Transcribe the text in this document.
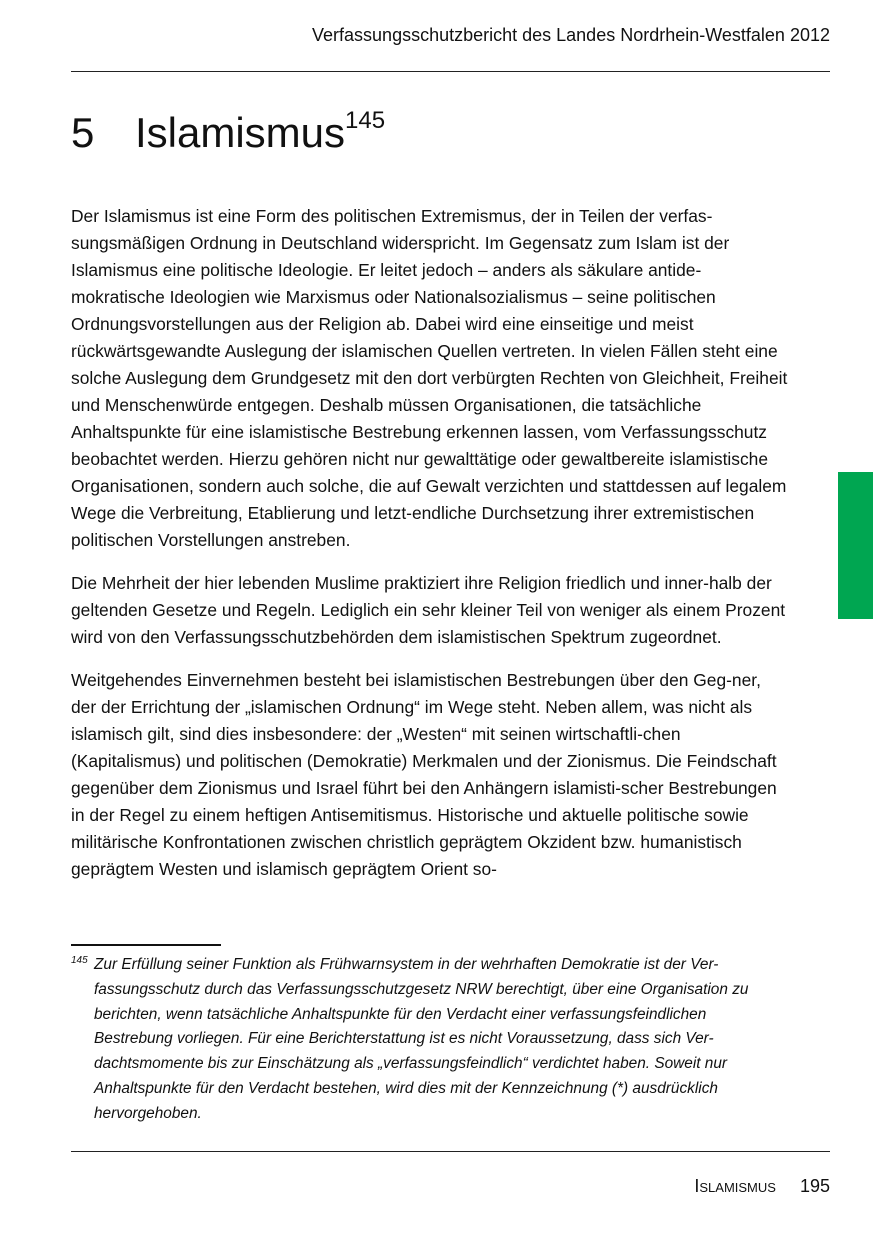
Verfassungsschutzbericht des Landes Nordrhein-Westfalen 2012
5 Islamismus$^{145}$

Der Islamismus ist eine Form des politischen Extremismus, der in Teilen der verfas-sungsmäßigen Ordnung in Deutschland widerspricht. Im Gegensatz zum Islam ist der Islamismus eine politische Ideologie. Er leitet jedoch – anders als säkulare antide-mokratische Ideologien wie Marxismus oder Nationalsozialismus – seine politischen Ordnungsvorstellungen aus der Religion ab. Dabei wird eine einseitige und meist rückwärtsgewandte Auslegung der islamischen Quellen vertreten. In vielen Fällen steht eine solche Auslegung dem Grundgesetz mit den dort verbürgten Rechten von Gleichheit, Freiheit und Menschenwürde entgegen. Deshalb müssen Organisationen, die tatsächliche Anhaltspunkte für eine islamistische Bestrebung erkennen lassen, vom Verfassungsschutz beobachtet werden. Hierzu gehören nicht nur gewalttätige oder gewaltbereite islamistische Organisationen, sondern auch solche, die auf Gewalt verzichten und stattdessen auf legalem Wege die Verbreitung, Etablierung und letzt-endliche Durchsetzung ihrer extremistischen politischen Vorstellungen anstreben.

Die Mehrheit der hier lebenden Muslime praktiziert ihre Religion friedlich und inner-halb der geltenden Gesetze und Regeln. Lediglich ein sehr kleiner Teil von weniger als einem Prozent wird von den Verfassungsschutzbehörden dem islamistischen Spektrum zugeordnet.

Weitgehendes Einvernehmen besteht bei islamistischen Bestrebungen über den Geg-ner, der der Errichtung der „islamischen Ordnung“ im Wege steht. Neben allem, was nicht als islamisch gilt, sind dies insbesondere: der „Westen“ mit seinen wirtschaftli-chen (Kapitalismus) und politischen (Demokratie) Merkmalen und der Zionismus. Die Feindschaft gegenüber dem Zionismus und Israel führt bei den Anhängern islamisti-scher Bestrebungen in der Regel zu einem heftigen Antisemitismus. Historische und aktuelle politische sowie militärische Konfrontationen zwischen christlich geprägtem Okzident bzw. humanistisch geprägtem Westen und islamisch geprägtem Orient so-

145 Zur Erfüllung seiner Funktion als Frühwarnsystem in der wehrhaften Demokratie ist der Ver-fassungsschutz durch das Verfassungsschutzgesetz NRW berechtigt, über eine Organisation zu berichten, wenn tatsächliche Anhaltspunkte für den Verdacht einer verfassungsfeindlichen Bestrebung vorliegen. Für eine Berichterstattung ist es nicht Voraussetzung, dass sich Ver-dachtsmomente bis zur Einschätzung als „verfassungsfeindlich“ verdichtet haben. Soweit nur Anhaltspunkte für den Verdacht bestehen, wird dies mit der Kennzeichnung (*) ausdrücklich hervorgehoben.
Islamismus 195
